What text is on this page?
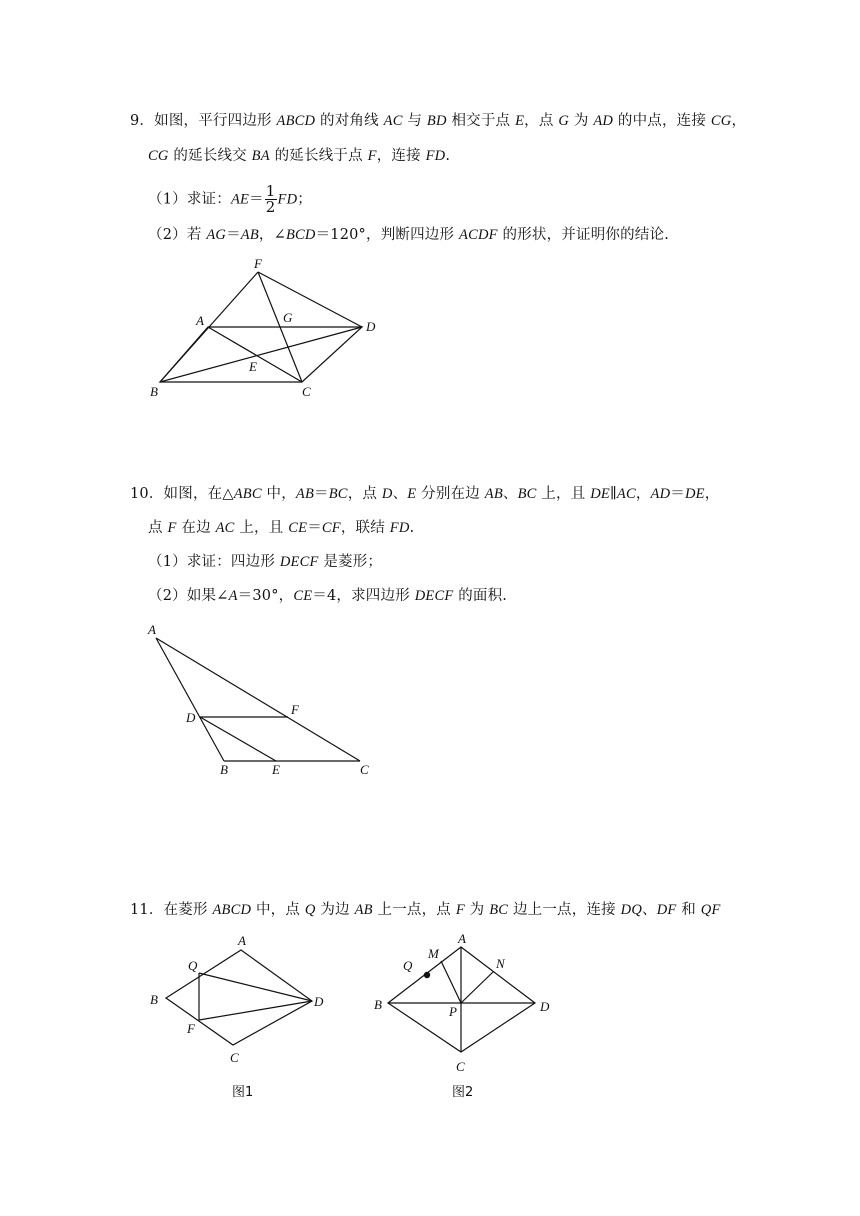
9．如图，平行四边形 ABCD 的对角线 AC 与 BD 相交于点 E，点 G 为 AD 的中点，连接 CG，
CG 的延长线交 BA 的延长线于点 F，连接 FD.
（1）求证：$AE= \frac{1}{2}$ FD；
（2）若 AG＝AB，∠BCD＝120°，判断四边形 ACDF 的形状，并证明你的结论.
F
A	G
D
E
B	C
A
D
F
B	E	C
A
Q
B	D
F
C
图1
A
M
N
Q
B	P	D
C
图2
10．如图，在△ABC 中，AB＝BC，点 D、E 分别在边 AB、BC 上，且 DE∥AC，AD＝DE，
点 F 在边 AC 上，且 CE＝CF，联结 FD.
（1）求证：四边形 DECF 是菱形；
（2）如果∠A＝30°，CE＝4，求四边形 DECF 的面积.
11．在菱形 ABCD 中，点 Q 为边 AB 上一点，点 F 为 BC 边上一点，连接 DQ、DF 和 QF
